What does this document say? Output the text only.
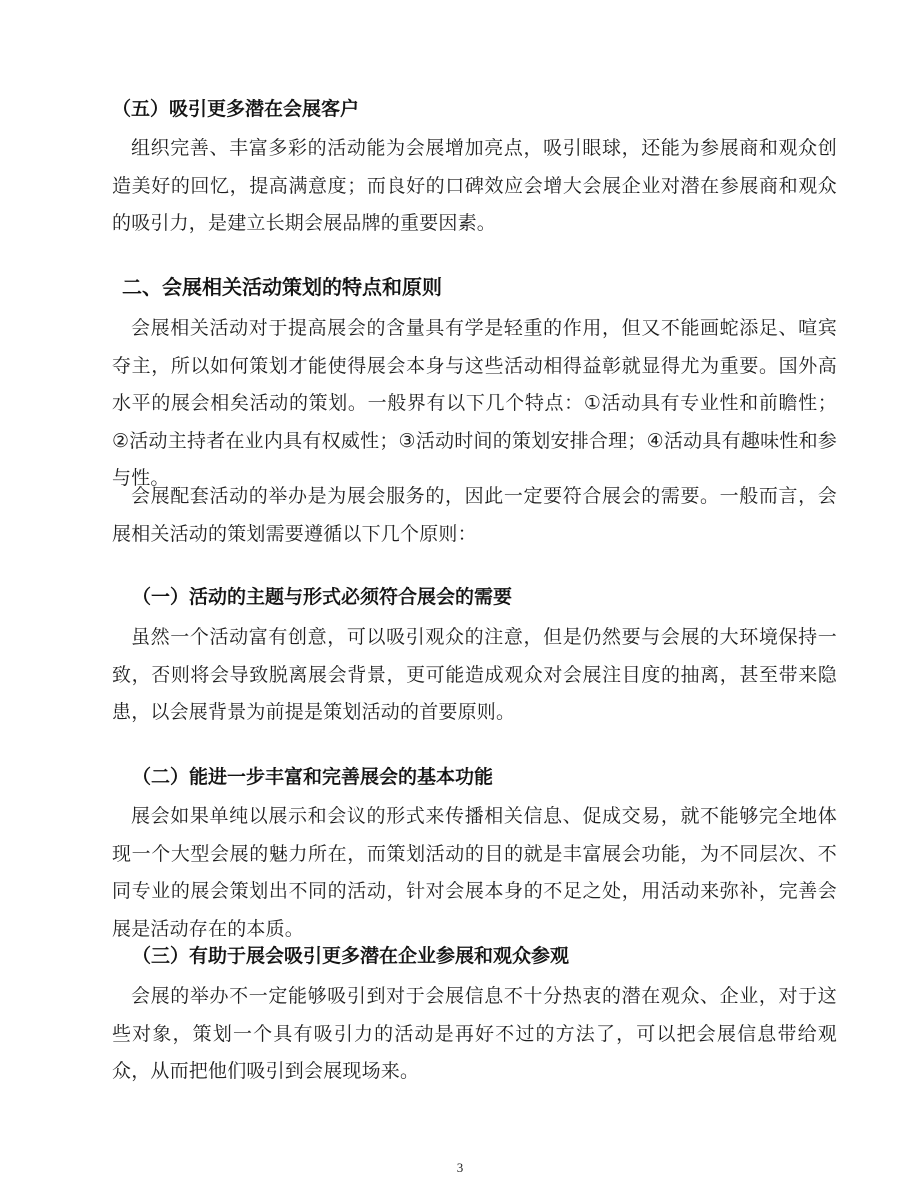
（五）吸引更多潜在会展客户

组织完善、丰富多彩的活动能为会展增加亮点，吸引眼球，还能为参展商和观众创造美好的回忆，提高满意度；而良好的口碑效应会增大会展企业对潜在参展商和观众的吸引力，是建立长期会展品牌的重要因素。

二、会展相关活动策划的特点和原则

会展相关活动对于提高展会的含量具有学是轻重的作用，但又不能画蛇添足、喧宾夺主，所以如何策划才能使得展会本身与这些活动相得益彰就显得尤为重要。国外高水平的展会相矣活动的策划。一般界有以下几个特点：①活动具有专业性和前瞻性；②活动主持者在业内具有权威性；③活动时间的策划安排合理；④活动具有趣味性和参与性。

会展配套活动的举办是为展会服务的，因此一定要符合展会的需要。一般而言，会展相关活动的策划需要遵循以下几个原则：

（一）活动的主题与形式必须符合展会的需要

虽然一个活动富有创意，可以吸引观众的注意，但是仍然要与会展的大环境保持一致，否则将会导致脱离展会背景，更可能造成观众对会展注目度的抽离，甚至带来隐患，以会展背景为前提是策划活动的首要原则。

（二）能进一步丰富和完善展会的基本功能

展会如果单纯以展示和会议的形式来传播相关信息、促成交易，就不能够完全地体现一个大型会展的魅力所在，而策划活动的目的就是丰富展会功能，为不同层次、不同专业的展会策划出不同的活动，针对会展本身的不足之处，用活动来弥补，完善会展是活动存在的本质。

（三）有助于展会吸引更多潜在企业参展和观众参观

会展的举办不一定能够吸引到对于会展信息不十分热衷的潜在观众、企业，对于这些对象，策划一个具有吸引力的活动是再好不过的方法了，可以把会展信息带给观众，从而把他们吸引到会展现场来。

3
